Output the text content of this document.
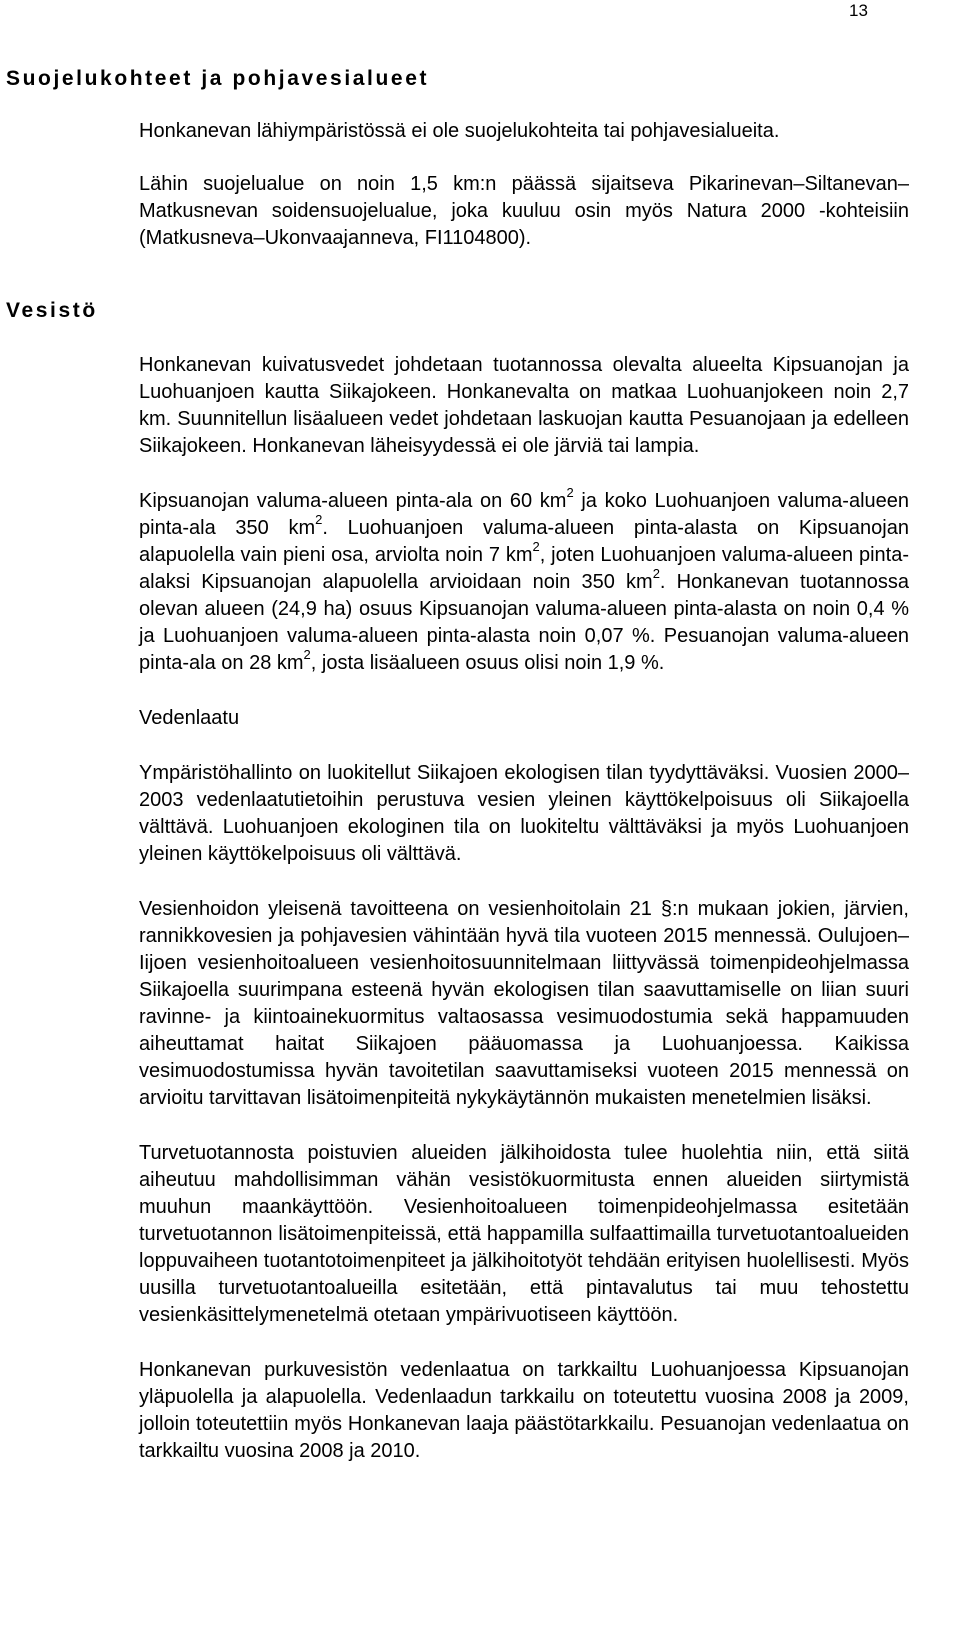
13
Suojelukohteet ja pohjavesialueet

Honkanevan lähiympäristössä ei ole suojelukohteita tai pohjavesialueita.

Lähin suojelualue on noin 1,5 km:n päässä sijaitseva Pikarinevan–Siltanevan–Matkusnevan soidensuojelualue, joka kuuluu osin myös Natura 2000 -kohteisiin (Matkusneva–Ukonvaajanneva, FI1104800).

Vesistö

Honkanevan kuivatusvedet johdetaan tuotannossa olevalta alueelta Kipsuanojan ja Luohuanjoen kautta Siikajokeen. Honkanevalta on matkaa Luohuanjokeen noin 2,7 km. Suunnitellun lisäalueen vedet johdetaan laskuojan kautta Pesuanojaan ja edelleen Siikajokeen. Honkanevan läheisyydessä ei ole järviä tai lampia.

Kipsuanojan valuma-alueen pinta-ala on 60 $km^2$ ja koko Luohuanjoen valuma-alueen pinta-ala 350 $km^2$. Luohuanjoen valuma-alueen pinta-alasta on Kipsuanojan alapuolella vain pieni osa, arviolta noin 7 $km^2$, joten Luohuanjoen valuma-alueen pinta-alaksi Kipsuanojan alapuolella arvioidaan noin 350 $km^2$. Honkanevan tuotannossa olevan alueen (24,9 ha) osuus Kipsuanojan valuma-alueen pinta-alasta on noin 0,4 % ja Luohuanjoen valuma-alueen pinta-alasta noin 0,07 %. Pesuanojan valuma-alueen pinta-ala on 28 $km^2$, josta lisäalueen osuus olisi noin 1,9 %.

Vedenlaatu

Ympäristöhallinto on luokitellut Siikajoen ekologisen tilan tyydyttäväksi. Vuosien 2000–2003 vedenlaatutietoihin perustuva vesien yleinen käyttökelpoisuus oli Siikajoella välttävä. Luohuanjoen ekologinen tila on luokiteltu välttäväksi ja myös Luohuanjoen yleinen käyttökelpoisuus oli välttävä.

Vesienhoidon yleisenä tavoitteena on vesienhoitolain 21 §:n mukaan jokien, järvien, rannikkovesien ja pohjavesien vähintään hyvä tila vuoteen 2015 mennessä. Oulujoen–Iijoen vesienhoitoalueen vesienhoitosuunnitelmaan liittyvässä toimenpideohjelmassa Siikajoella suurimpana esteenä hyvän ekologisen tilan saavuttamiselle on liian suuri ravinne- ja kiintoainekuormitus valtaosassa vesimuodostumia sekä happamuuden aiheuttamat haitat Siikajoen pääuomassa ja Luohuanjoessa. Kaikissa vesimuodostumissa hyvän tavoitetilan saavuttamiseksi vuoteen 2015 mennessä on arvioitu tarvittavan lisätoimenpiteitä nykykäytännön mukaisten menetelmien lisäksi.

Turvetuotannosta poistuvien alueiden jälkihoidosta tulee huolehtia niin, että siitä aiheutuu mahdollisimman vähän vesistökuormitusta ennen alueiden siirtymistä muuhun maankäyttöön. Vesienhoitoalueen toimenpideohjelmassa esitetään turvetuotannon lisätoimenpiteissä, että happamilla sulfaattimailla turvetuotantoalueiden loppuvaiheen tuotantotoimenpiteet ja jälkihoitotyöt tehdään erityisen huolellisesti. Myös uusilla turvetuotantoalueilla esitetään, että pintavalutus tai muu tehostettu vesienkäsittelymenetelmä otetaan ympärivuotiseen käyttöön.

Honkanevan purkuvesistön vedenlaatua on tarkkailtu Luohuanjoessa Kipsuanojan yläpuolella ja alapuolella. Vedenlaadun tarkkailu on toteutettu vuosina 2008 ja 2009, jolloin toteutettiin myös Honkanevan laaja päästötarkkailu. Pesuanojan vedenlaatua on tarkkailtu vuosina 2008 ja 2010.
